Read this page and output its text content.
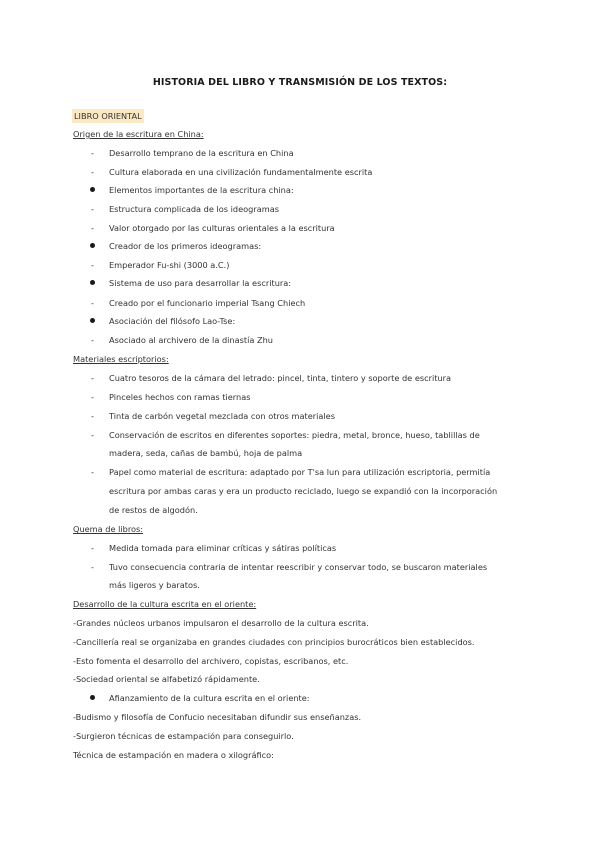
HISTORIA DEL LIBRO Y TRANSMISIÓN DE LOS TEXTOS:
LIBRO ORIENTAL
Origen de la escritura en China:
- Desarrollo temprano de la escritura en China
- Cultura elaborada en una civilización fundamentalmente escrita
Elementos importantes de la escritura china:
- Estructura complicada de los ideogramas
- Valor otorgado por las culturas orientales a la escritura
Creador de los primeros ideogramas:
- Emperador Fu-shi (3000 a.C.)
Sistema de uso para desarrollar la escritura:
- Creado por el funcionario imperial Tsang Chiech
Asociación del filósofo Lao-Tse:
- Asociado al archivero de la dinastía Zhu
Materiales escriptorios:
- Cuatro tesoros de la cámara del letrado: pincel, tinta, tintero y soporte de escritura
- Pinceles hechos con ramas tiernas
- Tinta de carbón vegetal mezclada con otros materiales
- Conservación de escritos en diferentes soportes: piedra, metal, bronce, hueso, tablillas de
madera, seda, cañas de bambú, hoja de palma
- Papel como material de escritura: adaptado por T'sa lun para utilización escriptoria, permitía
escritura por ambas caras y era un producto reciclado, luego se expandió con la incorporación
de restos de algodón.
Quema de libros:
- Medida tomada para eliminar críticas y sátiras políticas
- Tuvo consecuencia contraria de intentar reescribir y conservar todo, se buscaron materiales
más ligeros y baratos.
Desarrollo de la cultura escrita en el oriente:
-Grandes núcleos urbanos impulsaron el desarrollo de la cultura escrita.
-Cancillería real se organizaba en grandes ciudades con principios burocráticos bien establecidos.
-Esto fomenta el desarrollo del archivero, copistas, escribanos, etc.
-Sociedad oriental se alfabetizó rápidamente.
Afianzamiento de la cultura escrita en el oriente:
-Budismo y filosofía de Confucio necesitaban difundir sus enseñanzas.
-Surgieron técnicas de estampación para conseguirlo.
Técnica de estampación en madera o xilográfico:
